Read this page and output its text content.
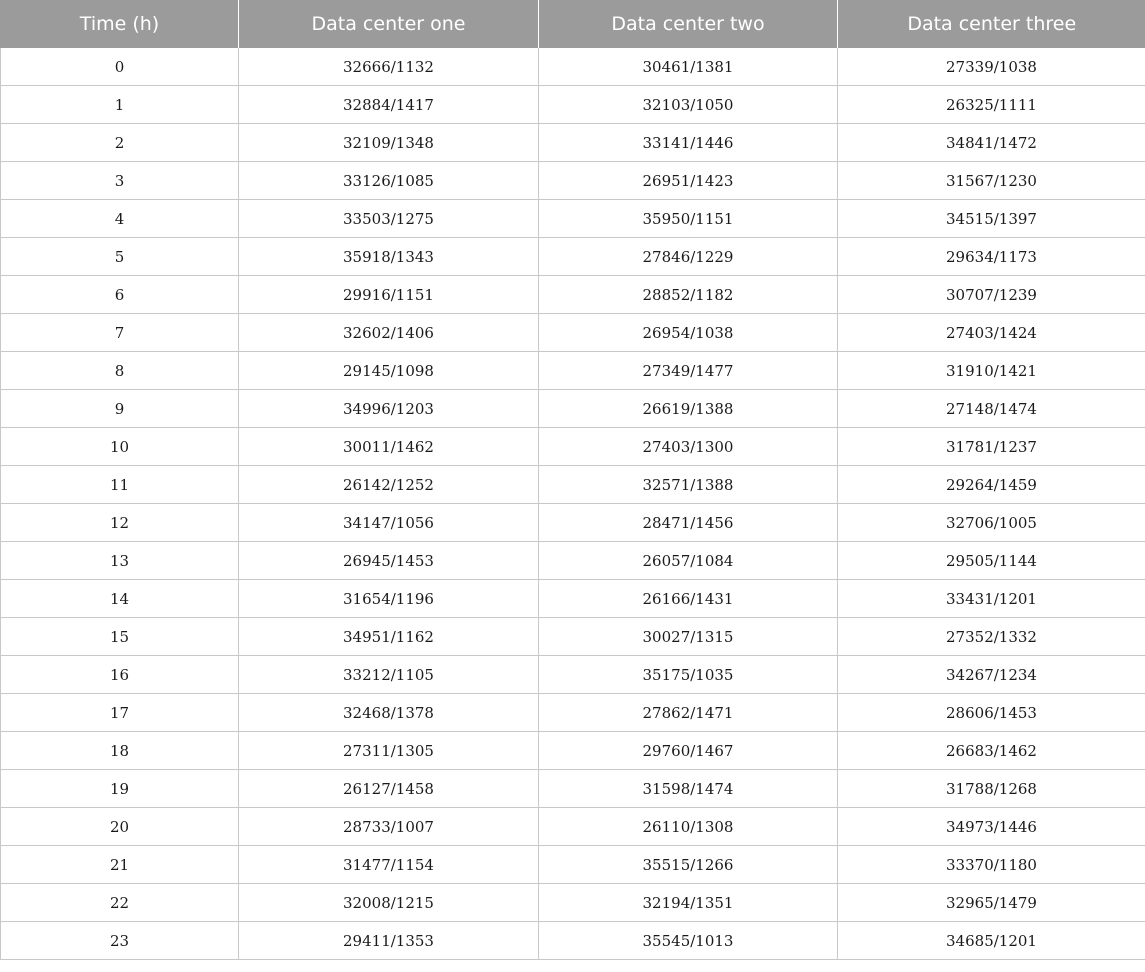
Time (h)	Data center one	Data center two	Data center three
0	32666/1132	30461/1381	27339/1038
1	32884/1417	32103/1050	26325/1111
2	32109/1348	33141/1446	34841/1472
3	33126/1085	26951/1423	31567/1230
4	33503/1275	35950/1151	34515/1397
5	35918/1343	27846/1229	29634/1173
6	29916/1151	28852/1182	30707/1239
7	32602/1406	26954/1038	27403/1424
8	29145/1098	27349/1477	31910/1421
9	34996/1203	26619/1388	27148/1474
10	30011/1462	27403/1300	31781/1237
11	26142/1252	32571/1388	29264/1459
12	34147/1056	28471/1456	32706/1005
13	26945/1453	26057/1084	29505/1144
14	31654/1196	26166/1431	33431/1201
15	34951/1162	30027/1315	27352/1332
16	33212/1105	35175/1035	34267/1234
17	32468/1378	27862/1471	28606/1453
18	27311/1305	29760/1467	26683/1462
19	26127/1458	31598/1474	31788/1268
20	28733/1007	26110/1308	34973/1446
21	31477/1154	35515/1266	33370/1180
22	32008/1215	32194/1351	32965/1479
23	29411/1353	35545/1013	34685/1201
